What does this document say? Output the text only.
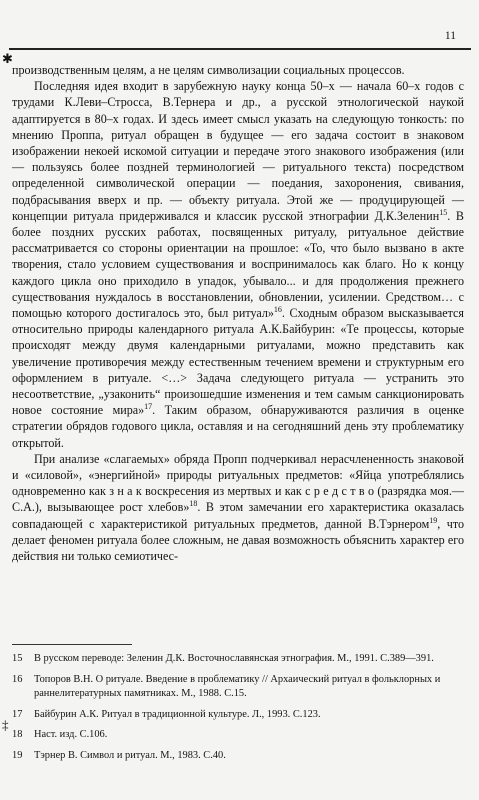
11
✱

производственным целям, а не целям символизации социальных процессов.

Последняя идея входит в зарубежную науку конца 50–х — начала 60–х годов с трудами К.Леви–Стросса, В.Тернера и др., а русской этнологической наукой адаптируется в 80–х годах. И здесь имеет смысл указать на следующую тонкость: по мнению Проппа, ритуал обращен в будущее — его задача состоит в знаковом изображении некоей искомой ситуации и передаче этого знакового изображения (или — пользуясь более поздней терминологией — ритуального текста) посредством определенной символической операции — поедания, захоронения, свивания, подбрасывания вверх и пр. — объекту ритуала. Этой же — продуцирующей — концепции ритуала придерживался и классик русской этнографии Д.К.Зеленин$^{15}$. В более поздних русских работах, посвященных ритуалу, ритуальное действие рассматривается со стороны ориентации на прошлое: «То, что было вызвано в акте творения, стало условием существования и воспринималось как благо. Но к концу каждого цикла оно приходило в упадок, убывало... и для продолжения прежнего существования нуждалось в восстановлении, обновлении, усилении. Средством… с помощью которого достигалось это, был ритуал»$^{16}$. Сходным образом высказывается относительно природы календарного ритуала А.К.Байбурин: «Те процессы, которые происходят между двумя календарными ритуалами, можно представить как увеличение противоречия между естественным течением времени и структурным его оформлением в ритуале. <…> Задача следующего ритуала — устранить это несоответствие, „узаконить“ произошедшие изменения и тем самым санкционировать новое состояние мира»$^{17}$. Таким образом, обнаруживаются различия в оценке стратегии обрядов годового цикла, оставляя и на сегодняшний день эту проблематику открытой.

При анализе «слагаемых» обряда Пропп подчеркивал нерасчлененность знаковой и «силовой», «энергийной» природы ритуальных предметов: «Яйца употреблялись одновременно как з н а к воскресения из мертвых и как с р е д с т в о (разрядка моя.— С.А.), вызывающее рост хлебов»$^{18}$. В этом замечании его характеристика оказалась совпадающей с характеристикой ритуальных предметов, данной В.Тэрнером$^{19}$, что делает феномен ритуала более сложным, не давая возможность объяснить характер его действия ни только семиотичес-

15	В русском переводе: Зеленин Д.К. Восточнославянская этнография. М., 1991. С.389—391.
16	Топоров В.Н. О ритуале. Введение в проблематику // Архаический ритуал в фольклорных и раннелитературных памятниках. М., 1988. С.15.
17	Байбурин А.К. Ритуал в традиционной культуре. Л., 1993. С.123.
18	Наст. изд. С.106.
19	Тэрнер В. Символ и ритуал. М., 1983. С.40.
‡
